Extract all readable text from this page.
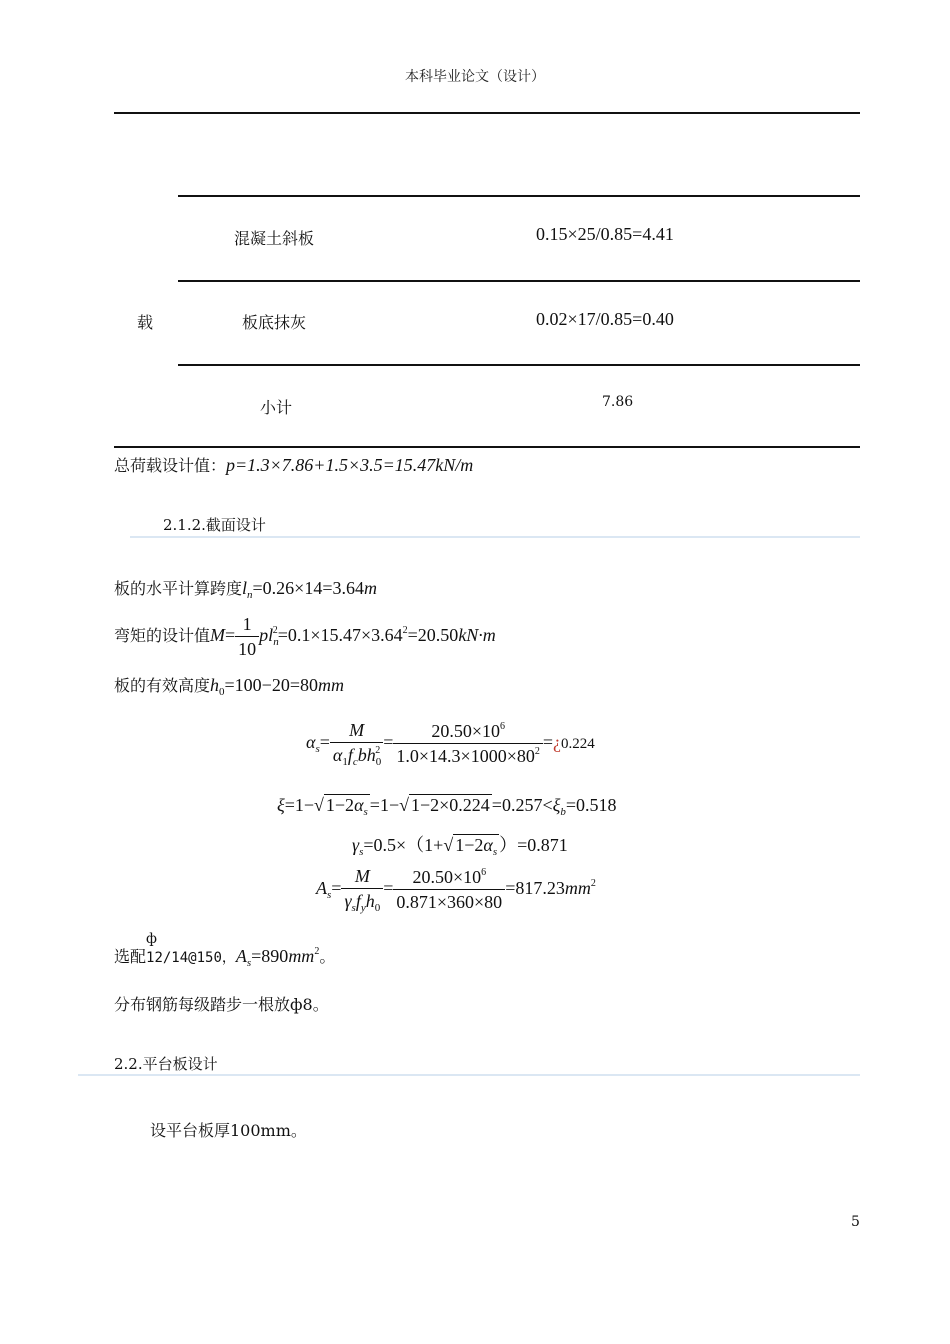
本科毕业论文（设计）
混凝土斜板	0.15×25/0.85=4.41
载	板底抹灰	0.02×17/0.85=0.40
小计	7.86
总荷载设计值：p=1.3×7.86+1.5×3.5=15.47kN/m
2.1.2.截面设计
板的水平计算跨度$l_n=0.26\times 14=3.64m$
弯矩的设计值$M= \frac{1}{10} pl_n^2=0.1\times 15.47\times 3.64^2=20.50kN\cdot m$
板的有效高度$h_0=100-20=80mm$
$\alpha_s= \frac{M}{\alpha_1f_cbh_0^2} = \frac{20.50\times 10^6}{1.0\times 14.3\times 1000\times 80^2}$ =¿0.224
ξ=1−√ $1-2\alpha_s =1-√$ $1-2\times 0.224 =0.257<\xi_b=0.518$
$\gamma_s=0.5\times(1+√$ $1-2\alpha_s$ ）=0.871
$A_s= \frac{M}{\gamma_sf_yh_0} = \frac{20.50\times 10^6}{0.871\times 360\times 80} =817.23mm^2$
选配
ф
12/14@150，$A_s=890mm^2$。
分布钢筋每级踏步一根放ф8。
2.2.平台板设计
设平台板厚100mm。
5
